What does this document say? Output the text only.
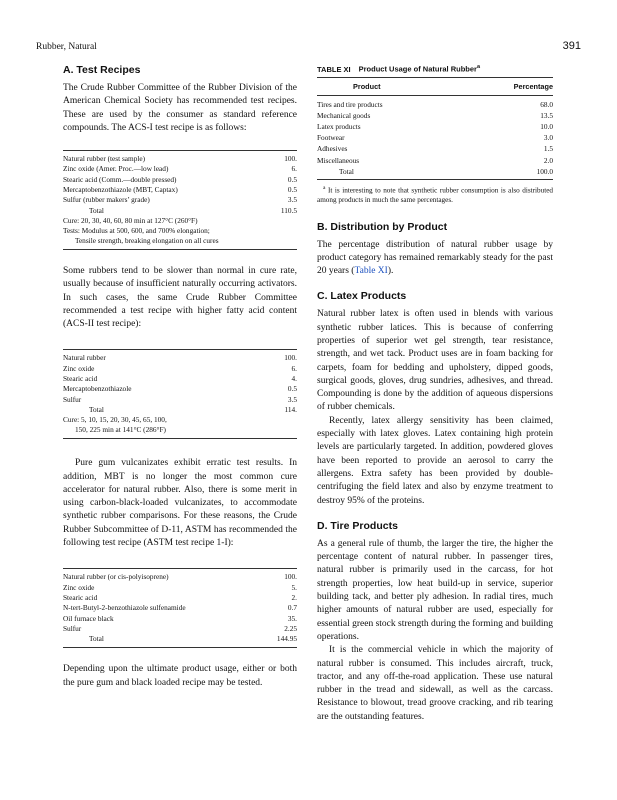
Rubber, Natural	391
A. Test Recipes

The Crude Rubber Committee of the Rubber Division of the American Chemical Society has recommended test recipes. These are used by the consumer as standard reference compounds. The ACS-I test recipe is as follows:

Natural rubber (test sample)	100.
Zinc oxide (Amer. Proc.—low lead)	6.
Stearic acid (Comm.—double pressed)	0.5
Mercaptobenzothiazole (MBT, Captax)	0.5
Sulfur (rubber makers’ grade)	3.5
Total	110.5
Cure: 20, 30, 40, 60, 80 min at 127°C (260°F)
Tests: Modulus at 500, 600, and 700% elongation;
Tensile strength, breaking elongation on all cures

Some rubbers tend to be slower than normal in cure rate, usually because of insufficient naturally occurring activators. In such cases, the same Crude Rubber Committee recommended a test recipe with higher fatty acid content (ACS-II test recipe):

Natural rubber	100.
Zinc oxide	6.
Stearic acid	4.
Mercaptobenzothiazole	0.5
Sulfur	3.5
Total	114.
Cure: 5, 10, 15, 20, 30, 45, 65, 100,
150, 225 min at 141°C (286°F)

Pure gum vulcanizates exhibit erratic test results. In addition, MBT is no longer the most common cure accelerator for natural rubber. Also, there is some merit in using carbon-black-loaded vulcanizates, to accommodate synthetic rubber comparisons. For these reasons, the Crude Rubber Subcommittee of D-11, ASTM has recommended the following test recipe (ASTM test recipe 1-I):

Natural rubber (or cis-polyisoprene)	100.
Zinc oxide	5.
Stearic acid	2.
N-tert-Butyl-2-benzothiazole sulfenamide	0.7
Oil furnace black	35.
Sulfur	2.25
Total	144.95

Depending upon the ultimate product usage, either or both the pure gum and black loaded recipe may be tested.

TABLE XI Product Usage of Natural Rubber$^a$
Product	Percentage
Tires and tire products	68.0
Mechanical goods	13.5
Latex products	10.0
Footwear	3.0
Adhesives	1.5
Miscellaneous	2.0
Total	100.0

$^a$ It is interesting to note that synthetic rubber consumption is also distributed among products in much the same percentages.

B. Distribution by Product

The percentage distribution of natural rubber usage by product category has remained remarkably steady for the past 20 years (Table XI).

C. Latex Products

Natural rubber latex is often used in blends with various synthetic rubber latices. This is because of conferring properties of superior wet gel strength, tear resistance, strength, and wet tack. Product uses are in foam backing for carpets, foam for bedding and upholstery, dipped goods, surgical goods, gloves, drug sundries, adhesives, and thread. Compounding is done by the addition of aqueous dispersions of rubber chemicals.

Recently, latex allergy sensitivity has been claimed, especially with latex gloves. Latex containing high protein levels are particularly targeted. In addition, powdered gloves have been reported to provide an aerosol to carry the allergens. Extra safety has been provided by double-centrifuging the field latex and also by enzyme treatment to destroy 95% of the proteins.

D. Tire Products

As a general rule of thumb, the larger the tire, the higher the percentage content of natural rubber. In passenger tires, natural rubber is primarily used in the carcass, for hot strength properties, low heat build-up in service, superior building tack, and better ply adhesion. In radial tires, much higher amounts of natural rubber are used, especially for essential green stock strength during the forming and building operations.

It is the commercial vehicle in which the majority of natural rubber is consumed. This includes aircraft, truck, tractor, and any off-the-road application. These use natural rubber in the tread and sidewall, as well as the carcass. Resistance to blowout, tread groove cracking, and rib tearing are the outstanding features.
